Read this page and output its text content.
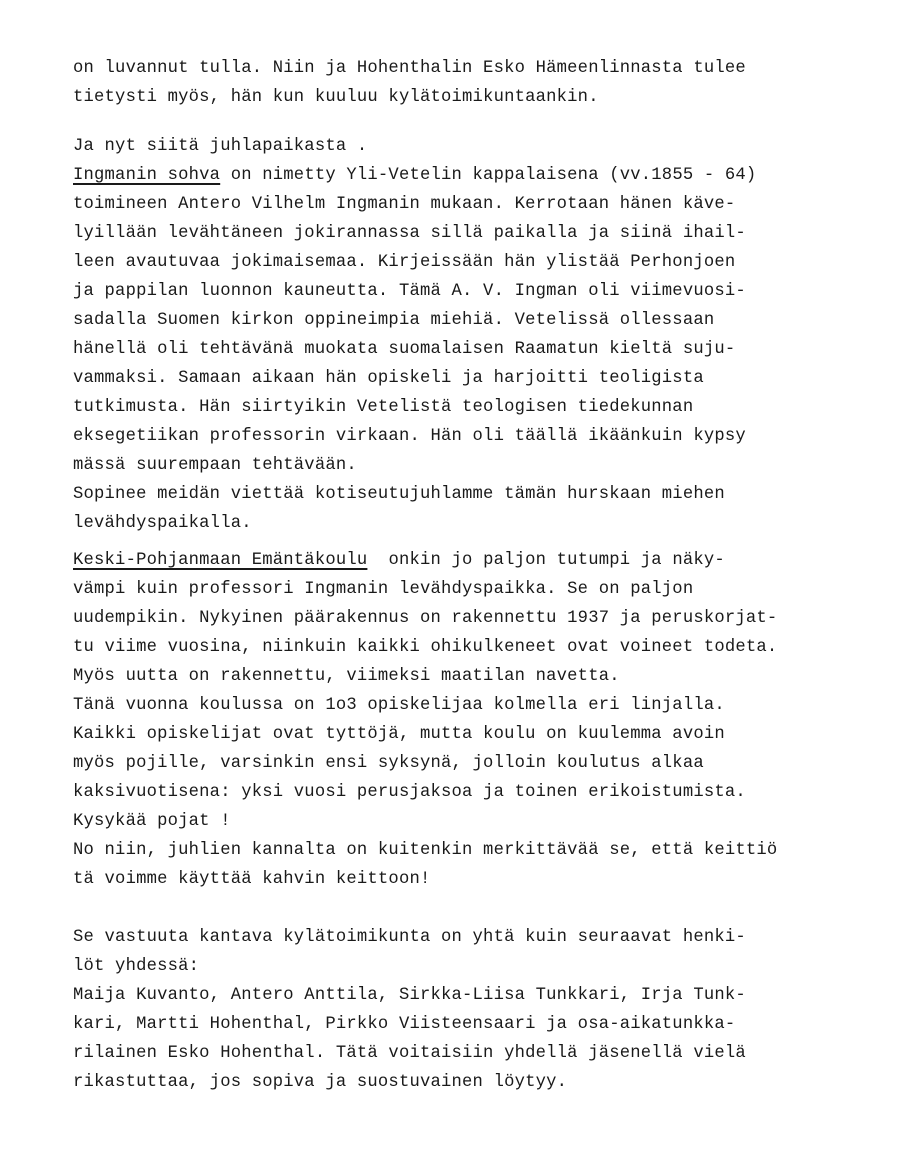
on luvannut tulla. Niin ja Hohenthalin Esko Hämeenlinnasta tulee
tietysti myös, hän kun kuuluu kylätoimikuntaankin.
Ja nyt siitä juhlapaikasta .
Ingmanin sohva on nimetty Yli-Vetelin kappalaisena (vv.1855 - 64)
toimineen Antero Vilhelm Ingmanin mukaan. Kerrotaan hänen käve-
lyillään levähtäneen jokirannassa sillä paikalla ja siinä ihail-
leen avautuvaa jokimaisemaa. Kirjeissään hän ylistää Perhonjoen
ja pappilan luonnon kauneutta. Tämä A. V. Ingman oli viimevuosi-
sadalla Suomen kirkon oppineimpia miehiä. Vetelissä ollessaan
hänellä oli tehtävänä muokata suomalaisen Raamatun kieltä suju-
vammaksi. Samaan aikaan hän opiskeli ja harjoitti teoligista
tutkimusta. Hän siirtyikin Vetelistä teologisen tiedekunnan
eksegetiikan professorin virkaan. Hän oli täällä ikäänkuin kypsy
mässä suurempaan tehtävään.
Sopinee meidän viettää kotiseutujuhlamme tämän hurskaan miehen
levähdyspaikalla.
Keski-Pohjanmaan Emäntäkoulu onkin jo paljon tutumpi ja näky-
vämpi kuin professori Ingmanin levähdyspaikka. Se on paljon
uudempikin. Nykyinen päärakennus on rakennettu 1937 ja peruskorjat-
tu viime vuosina, niinkuin kaikki ohikulkeneet ovat voineet todeta.
Myös uutta on rakennettu, viimeksi maatilan navetta.
Tänä vuonna koulussa on 1o3 opiskelijaa kolmella eri linjalla.
Kaikki opiskelijat ovat tyttöjä, mutta koulu on kuulemma avoin
myös pojille, varsinkin ensi syksynä, jolloin koulutus alkaa
kaksivuotisena: yksi vuosi perusjaksoa ja toinen erikoistumista.
Kysykää pojat !
No niin, juhlien kannalta on kuitenkin merkittävää se, että keittiö
tä voimme käyttää kahvin keittoon!
Se vastuuta kantava kylätoimikunta on yhtä kuin seuraavat henki-
löt yhdessä:
Maija Kuvanto, Antero Anttila, Sirkka-Liisa Tunkkari, Irja Tunk-
kari, Martti Hohenthal, Pirkko Viisteensaari ja osa-aikatunkka-
rilainen Esko Hohenthal. Tätä voitaisiin yhdellä jäsenellä vielä
rikastuttaa, jos sopiva ja suostuvainen löytyy.
